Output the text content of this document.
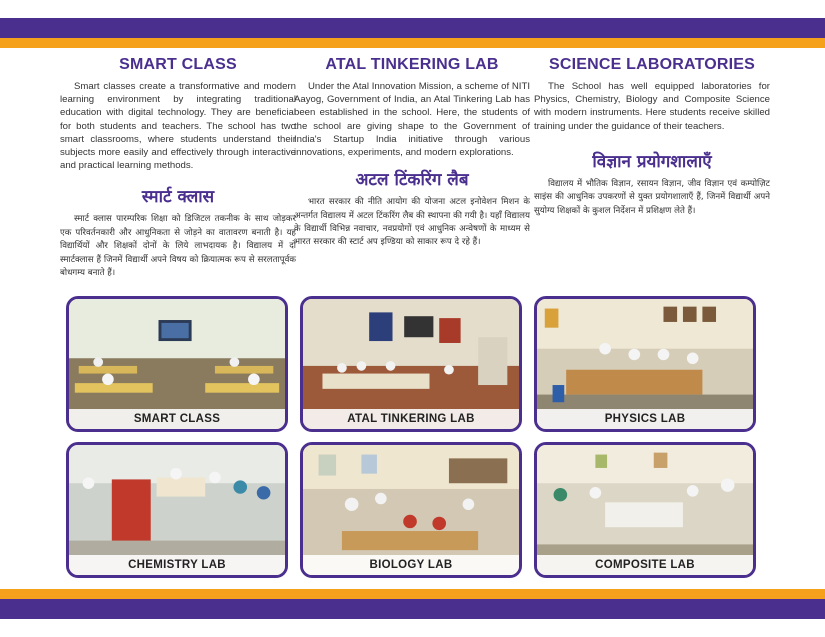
SMART CLASS

Smart classes create a transformative and modern learning environment by integrating traditional education with digital technology. They are beneficial for both students and teachers. The school has two smart classrooms, where students understand their subjects more easily and effectively through interactive and practical learning methods.

स्मार्ट क्लास

स्मार्ट क्लास पारम्परिक शिक्षा को डिजिटल तकनीक के साथ जोड़कर एक परिवर्तनकारी और आधुनिकता से जोड़ने का वातावरण बनाती है। यह विद्यार्थियों और शिक्षकों दोनों के लिये लाभदायक है। विद्यालय में दो स्मार्टक्लास हैं जिनमें विद्यार्थी अपने विषय को क्रियात्मक रूप से सरलतापूर्वक बोधगम्य बनाते हैं।

ATAL TINKERING LAB

Under the Atal Innovation Mission, a scheme of NITI Aayog, Government of India, an Atal Tinkering Lab has been established in the school. Here, the students of the school are giving shape to the Government of India's Startup India initiative through various innovations, experiments, and modern explorations.

अटल टिंकरिंग लैब

भारत सरकार की नीति आयोग की योजना अटल इनोवेशन मिशन के अन्तर्गत विद्यालय में अटल टिंकरिंग लैब की स्थापना की गयी है। यहाँ विद्यालय के विद्यार्थी विभिन्न नवाचार, नवप्रयोगों एवं आधुनिक अन्वेषणों के माध्यम से भारत सरकार की स्टार्ट अप इण्डिया को साकार रूप दे रहे हैं।

SCIENCE LABORATORIES

The School has well equipped laboratories for Physics, Chemistry, Biology and Composite Science with modern instruments. Here students receive skilled training under the guidance of their teachers.

विज्ञान प्रयोगशालाएँ

विद्यालय में भौतिक विज्ञान, रसायन विज्ञान, जीव विज्ञान एवं कम्पोज़िट साइंस की आधुनिक उपकरणों से युक्त प्रयोगशालाएँ हैं, जिनमें विद्यार्थी अपने सुयोग्य शिक्षकों के कुशल निर्देशन में प्रशिक्षण लेते हैं।

SMART CLASS	ATAL TINKERING LAB	PHYSICS LAB
CHEMISTRY LAB	BIOLOGY LAB	COMPOSITE LAB
